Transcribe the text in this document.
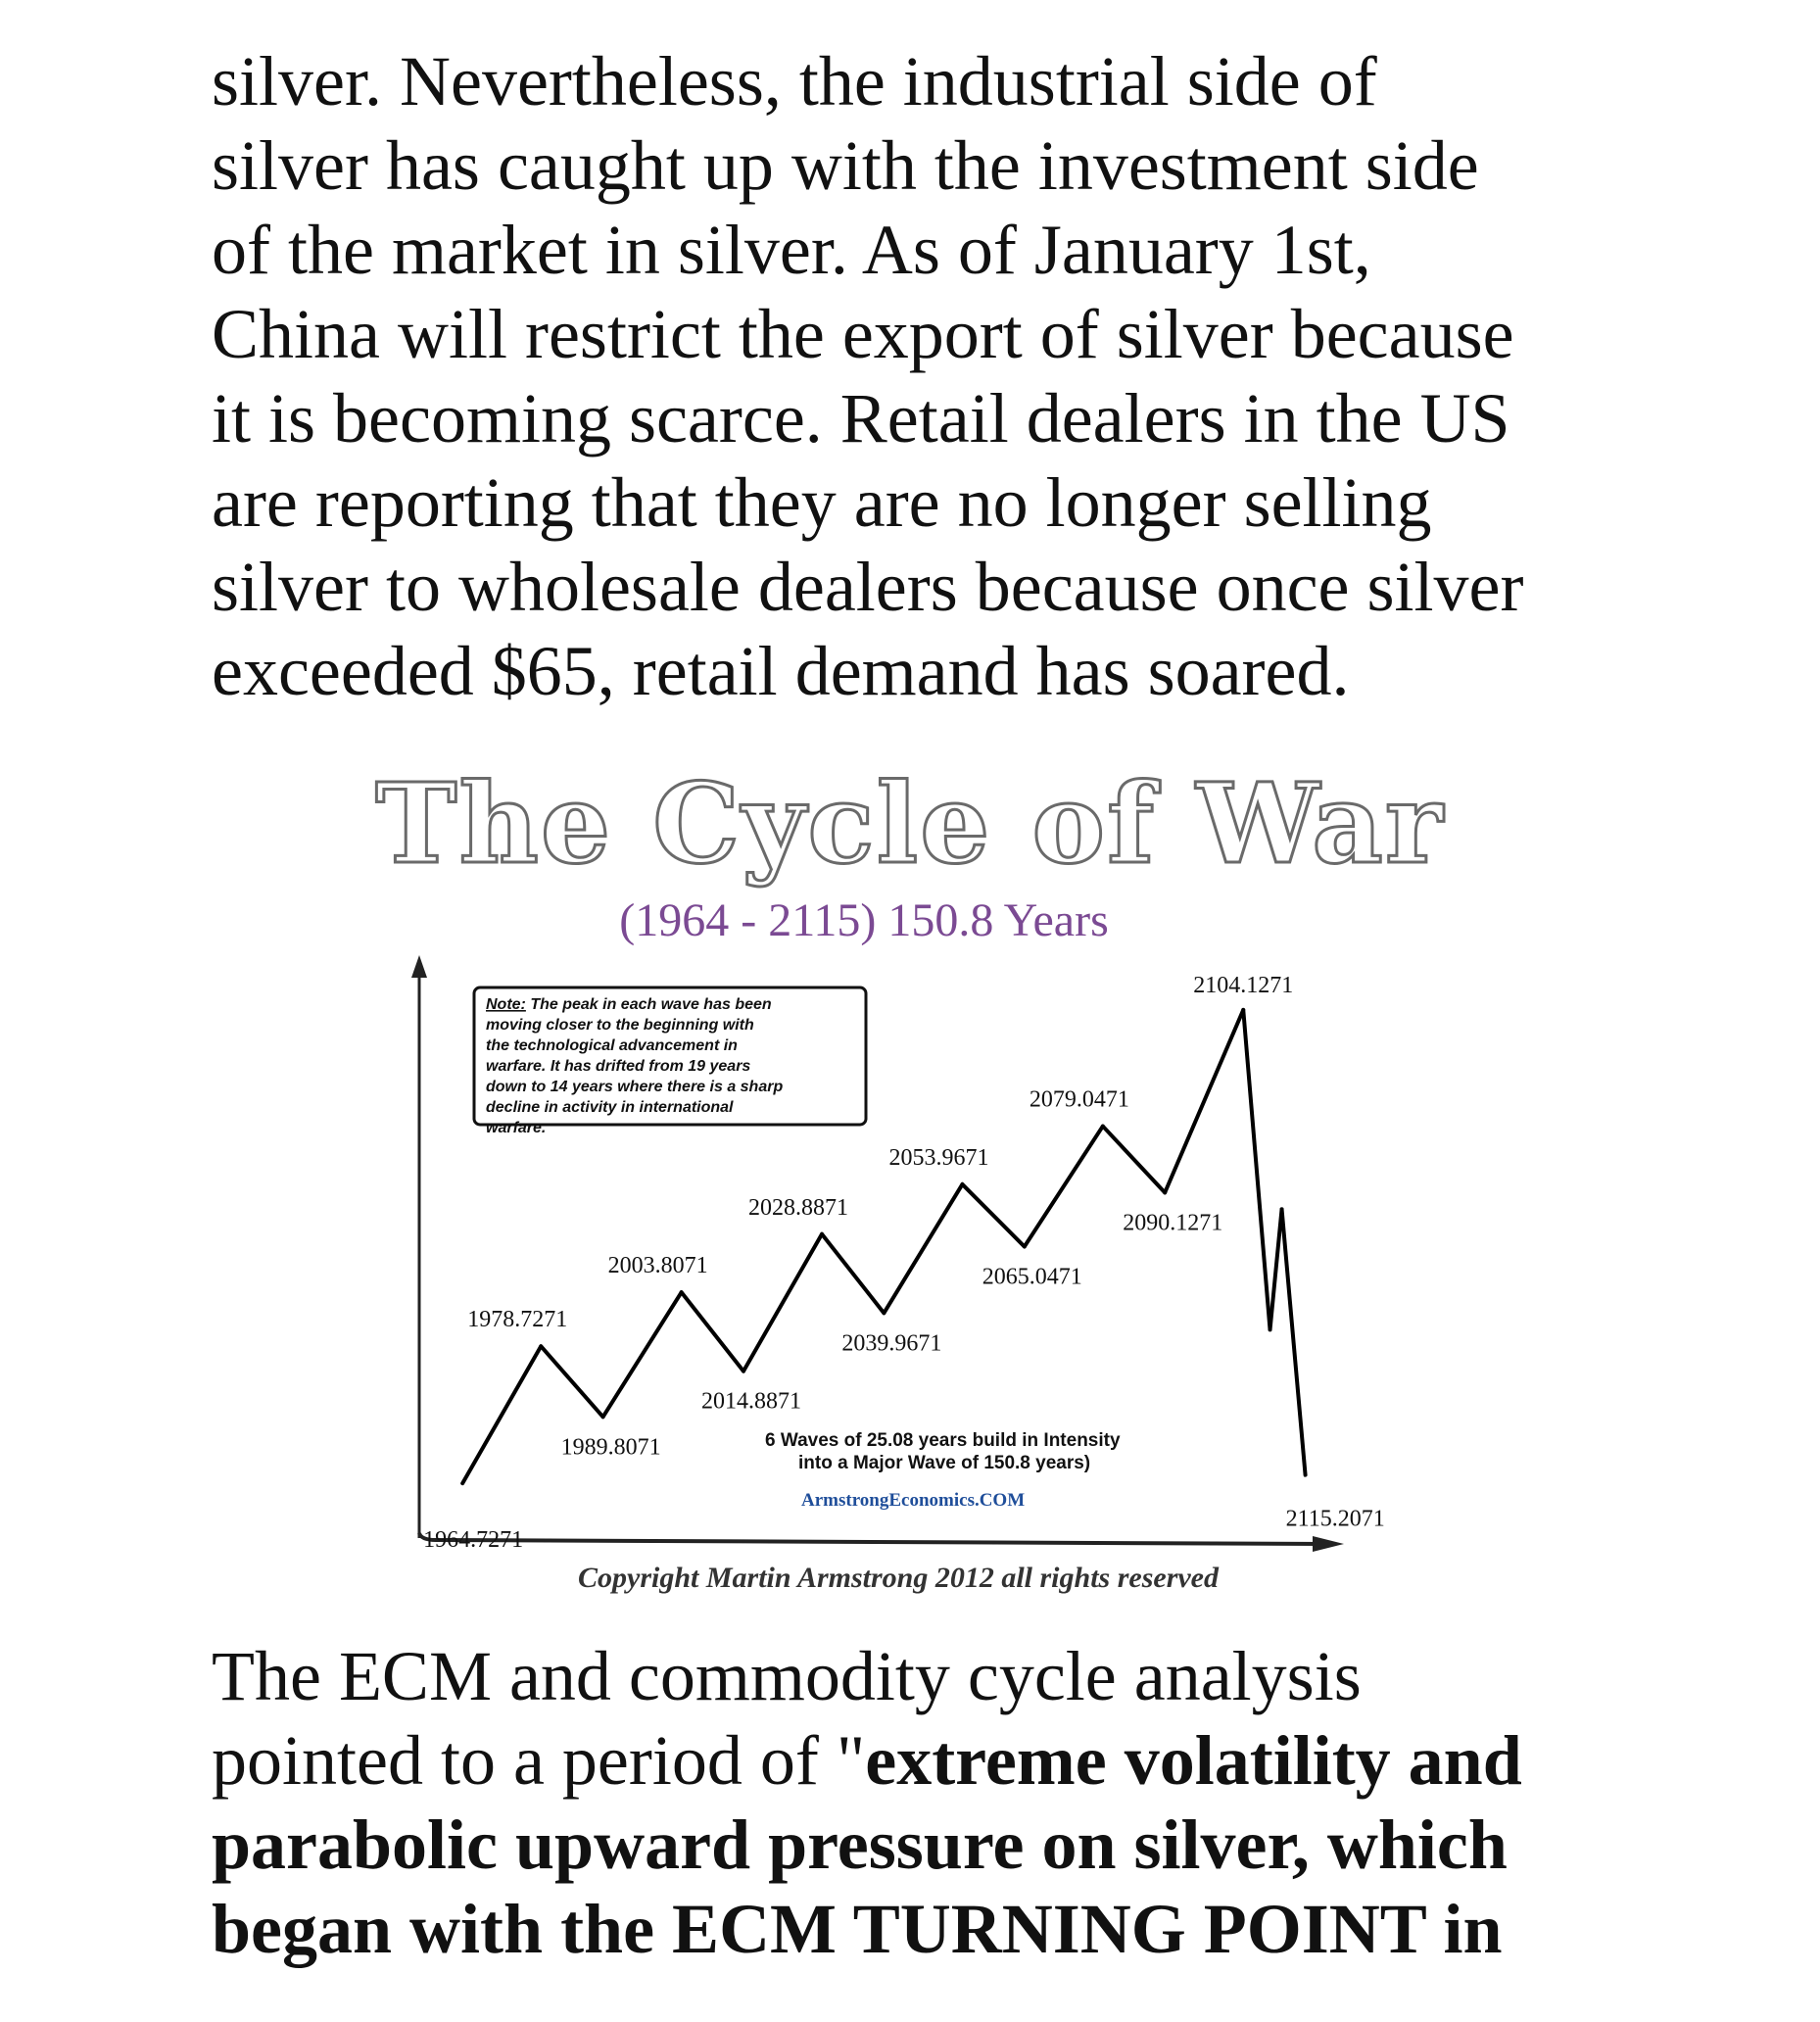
silver. Nevertheless, the industrial side of
silver has caught up with the investment side
of the market in silver. As of January 1st,
China will restrict the export of silver because
it is becoming scarce. Retail dealers in the US
are reporting that they are no longer selling
silver to wholesale dealers because once silver
exceeded $65, retail demand has soared.
The Cycle of War
(1964 - 2115) 150.8 Years
Note: The peak in each wave has been moving closer to the beginning with the technological advancement in warfare. It has drifted from 19 years down to 14 years where there is a sharp decline in activity in international warfare.
1964.7271
1978.7271
1989.8071
2003.8071
2014.8871
2028.8871
2039.9671
2053.9671
2065.0471
2079.0471
2090.1271
2104.1271
2115.2071
6 Waves of 25.08 years build in Intensity
into a Major Wave of 150.8 years)
ArmstrongEconomics.COM
Copyright Martin Armstrong 2012 all rights reserved
The ECM and commodity cycle analysis
pointed to a period of "extreme volatility and
parabolic upward pressure on silver, which
began with the ECM TURNING POINT in
